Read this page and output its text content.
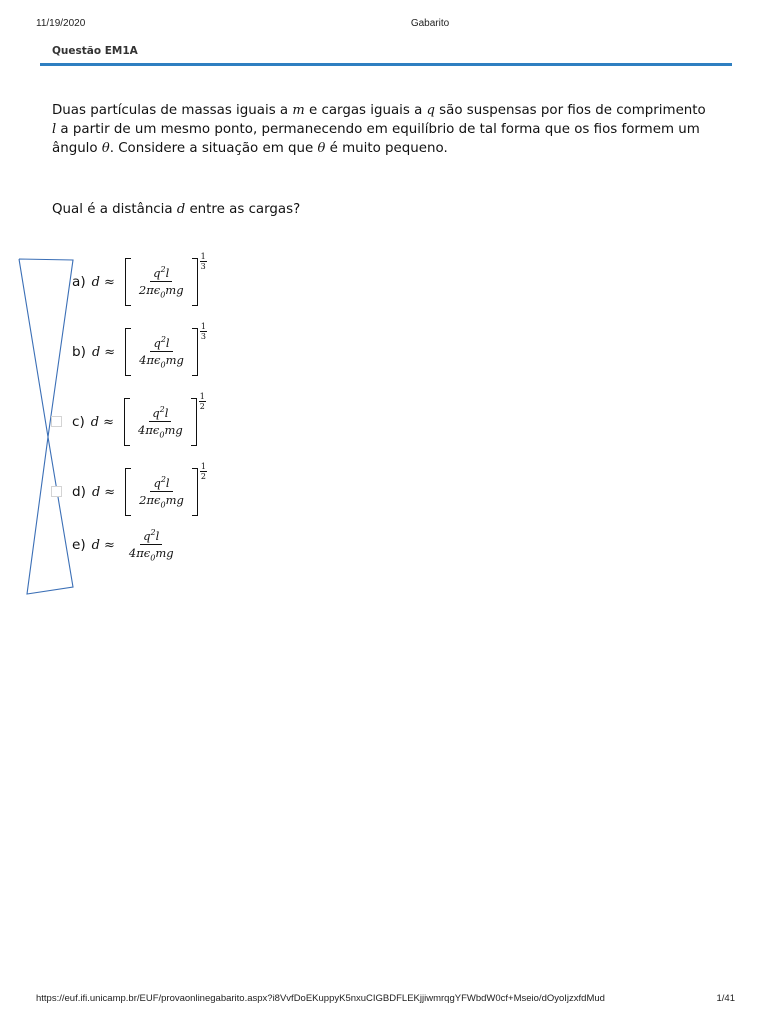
11/19/2020	Gabarito
Questão EM1A
Duas partículas de massas iguais a m e cargas iguais a q são suspensas por fios de comprimento
l a partir de um mesmo ponto, permanecendo em equilíbrio de tal forma que os fios formem um ângulo θ. Considere a situação em que θ é muito pequeno.
Qual é a distância d entre as cargas?
a) $d \approx \frac{q^2l}{2\pi\epsilon_0mg}$
1
3
b) $d \approx \frac{q^2l}{4\pi\epsilon_0mg}$
1
3
c) $d \approx \frac{q^2l}{4\pi\epsilon_0mg}$
1
2
d) $d \approx \frac{q^2l}{2\pi\epsilon_0mg}$
1
2
e) $d \approx \frac{q^2l}{4\pi\epsilon_0mg}$
https://euf.ifi.unicamp.br/EUF/provaonlinegabarito.aspx?i8VvfDoEKuppyK5nxuCIGBDFLEKjjiwmrqgYFWbdW0cf+Mseio/dOyoIjzxfdMud	1/41
